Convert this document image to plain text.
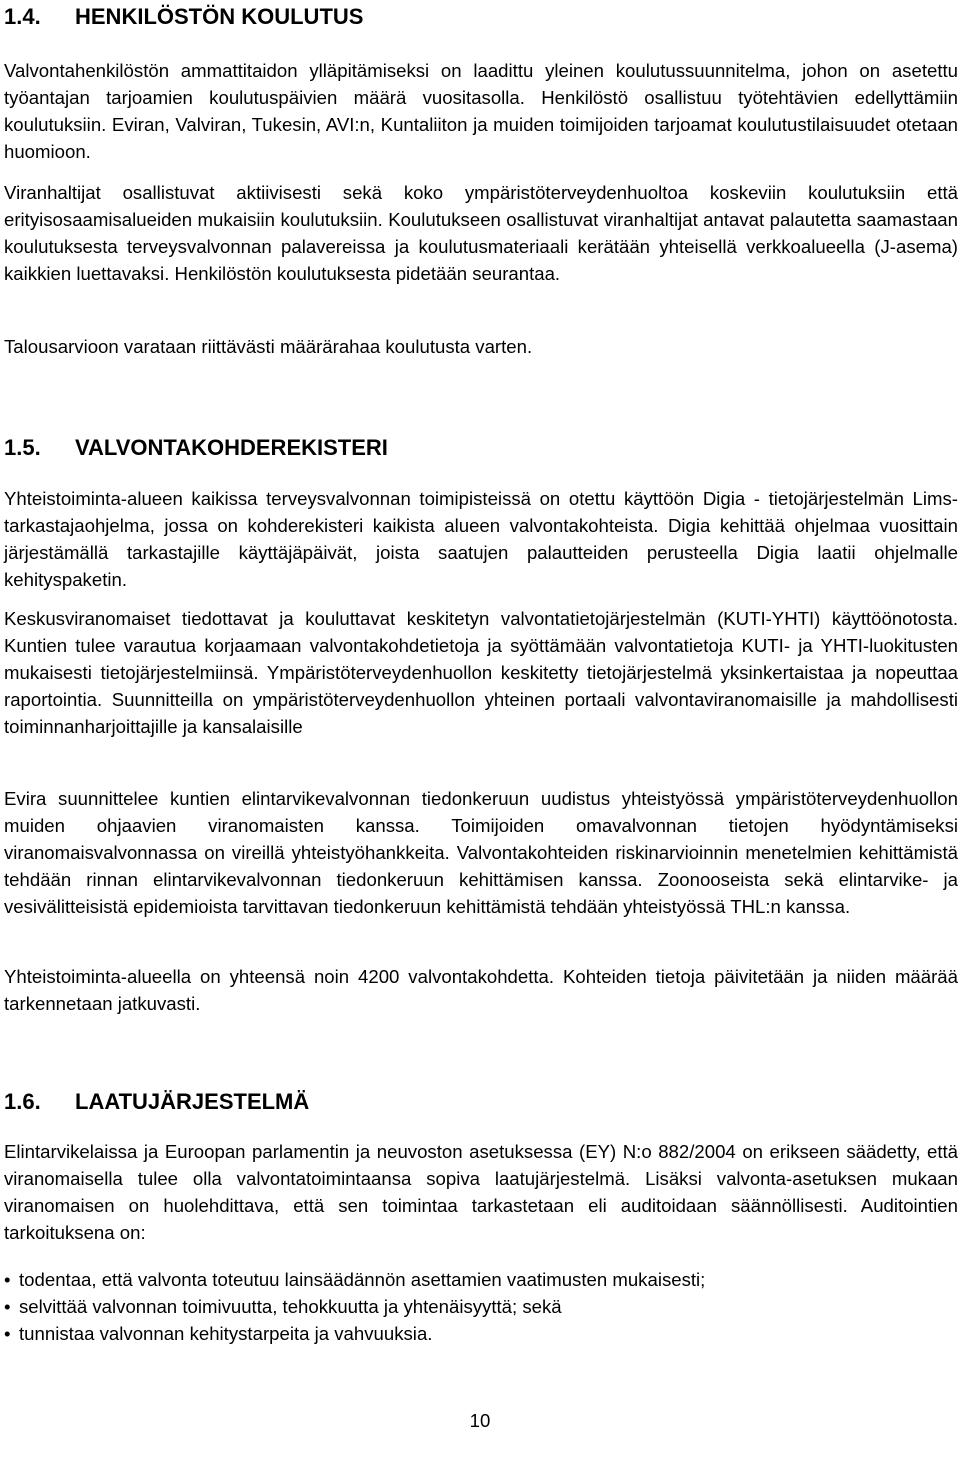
1.4.	HENKILÖSTÖN KOULUTUS

Valvontahenkilöstön ammattitaidon ylläpitämiseksi on laadittu yleinen koulutussuunnitelma, johon on asetettu työantajan tarjoamien koulutuspäivien määrä vuositasolla. Henkilöstö osallistuu työtehtävien edellyttämiin koulutuksiin. Eviran, Valviran, Tukesin, AVI:n, Kuntaliiton ja muiden toimijoiden tarjoamat koulutustilaisuudet otetaan huomioon.

Viranhaltijat osallistuvat aktiivisesti sekä koko ympäristöterveydenhuoltoa koskeviin koulutuksiin että erityisosaamisalueiden mukaisiin koulutuksiin. Koulutukseen osallistuvat viranhaltijat antavat palautetta saamastaan koulutuksesta terveysvalvonnan palavereissa ja koulutusmateriaali kerätään yhteisellä verkkoalueella (J-asema) kaikkien luettavaksi. Henkilöstön koulutuksesta pidetään seurantaa.

Talousarvioon varataan riittävästi määrärahaa koulutusta varten.

1.5.	VALVONTAKOHDEREKISTERI

Yhteistoiminta-alueen kaikissa terveysvalvonnan toimipisteissä on otettu käyttöön Digia - tietojärjestelmän Lims-tarkastajaohjelma, jossa on kohderekisteri kaikista alueen valvontakohteista. Digia kehittää ohjelmaa vuosittain järjestämällä tarkastajille käyttäjäpäivät, joista saatujen palautteiden perusteella Digia laatii ohjelmalle kehityspaketin.

Keskusviranomaiset tiedottavat ja kouluttavat keskitetyn valvontatietojärjestelmän (KUTI-YHTI) käyttöönotosta. Kuntien tulee varautua korjaamaan valvontakohdetietoja ja syöttämään valvontatietoja KUTI- ja YHTI-luokitusten mukaisesti tietojärjestelmiinsä. Ympäristöterveydenhuollon keskitetty tietojärjestelmä yksinkertaistaa ja nopeuttaa raportointia. Suunnitteilla on ympäristöterveydenhuollon yhteinen portaali valvontaviranomaisille ja mahdollisesti toiminnanharjoittajille ja kansalaisille

Evira suunnittelee kuntien elintarvikevalvonnan tiedonkeruun uudistus yhteistyössä ympäristöterveydenhuollon muiden ohjaavien viranomaisten kanssa. Toimijoiden omavalvonnan tietojen hyödyntämiseksi viranomaisvalvonnassa on vireillä yhteistyöhankkeita. Valvontakohteiden riskinarvioinnin menetelmien kehittämistä tehdään rinnan elintarvikevalvonnan tiedonkeruun kehittämisen kanssa. Zoonooseista sekä elintarvike- ja vesivälitteisistä epidemioista tarvittavan tiedonkeruun kehittämistä tehdään yhteistyössä THL:n kanssa.

Yhteistoiminta-alueella on yhteensä noin 4200 valvontakohdetta. Kohteiden tietoja päivitetään ja niiden määrää tarkennetaan jatkuvasti.

1.6.	LAATUJÄRJESTELMÄ

Elintarvikelaissa ja Euroopan parlamentin ja neuvoston asetuksessa (EY) N:o 882/2004 on erikseen säädetty, että viranomaisella tulee olla valvontatoimintaansa sopiva laatujärjestelmä. Lisäksi valvonta-asetuksen mukaan viranomaisen on huolehdittava, että sen toimintaa tarkastetaan eli auditoidaan säännöllisesti. Auditointien tarkoituksena on:

• todentaa, että valvonta toteutuu lainsäädännön asettamien vaatimusten mukaisesti;
• selvittää valvonnan toimivuutta, tehokkuutta ja yhtenäisyyttä; sekä
• tunnistaa valvonnan kehitystarpeita ja vahvuuksia.
10
